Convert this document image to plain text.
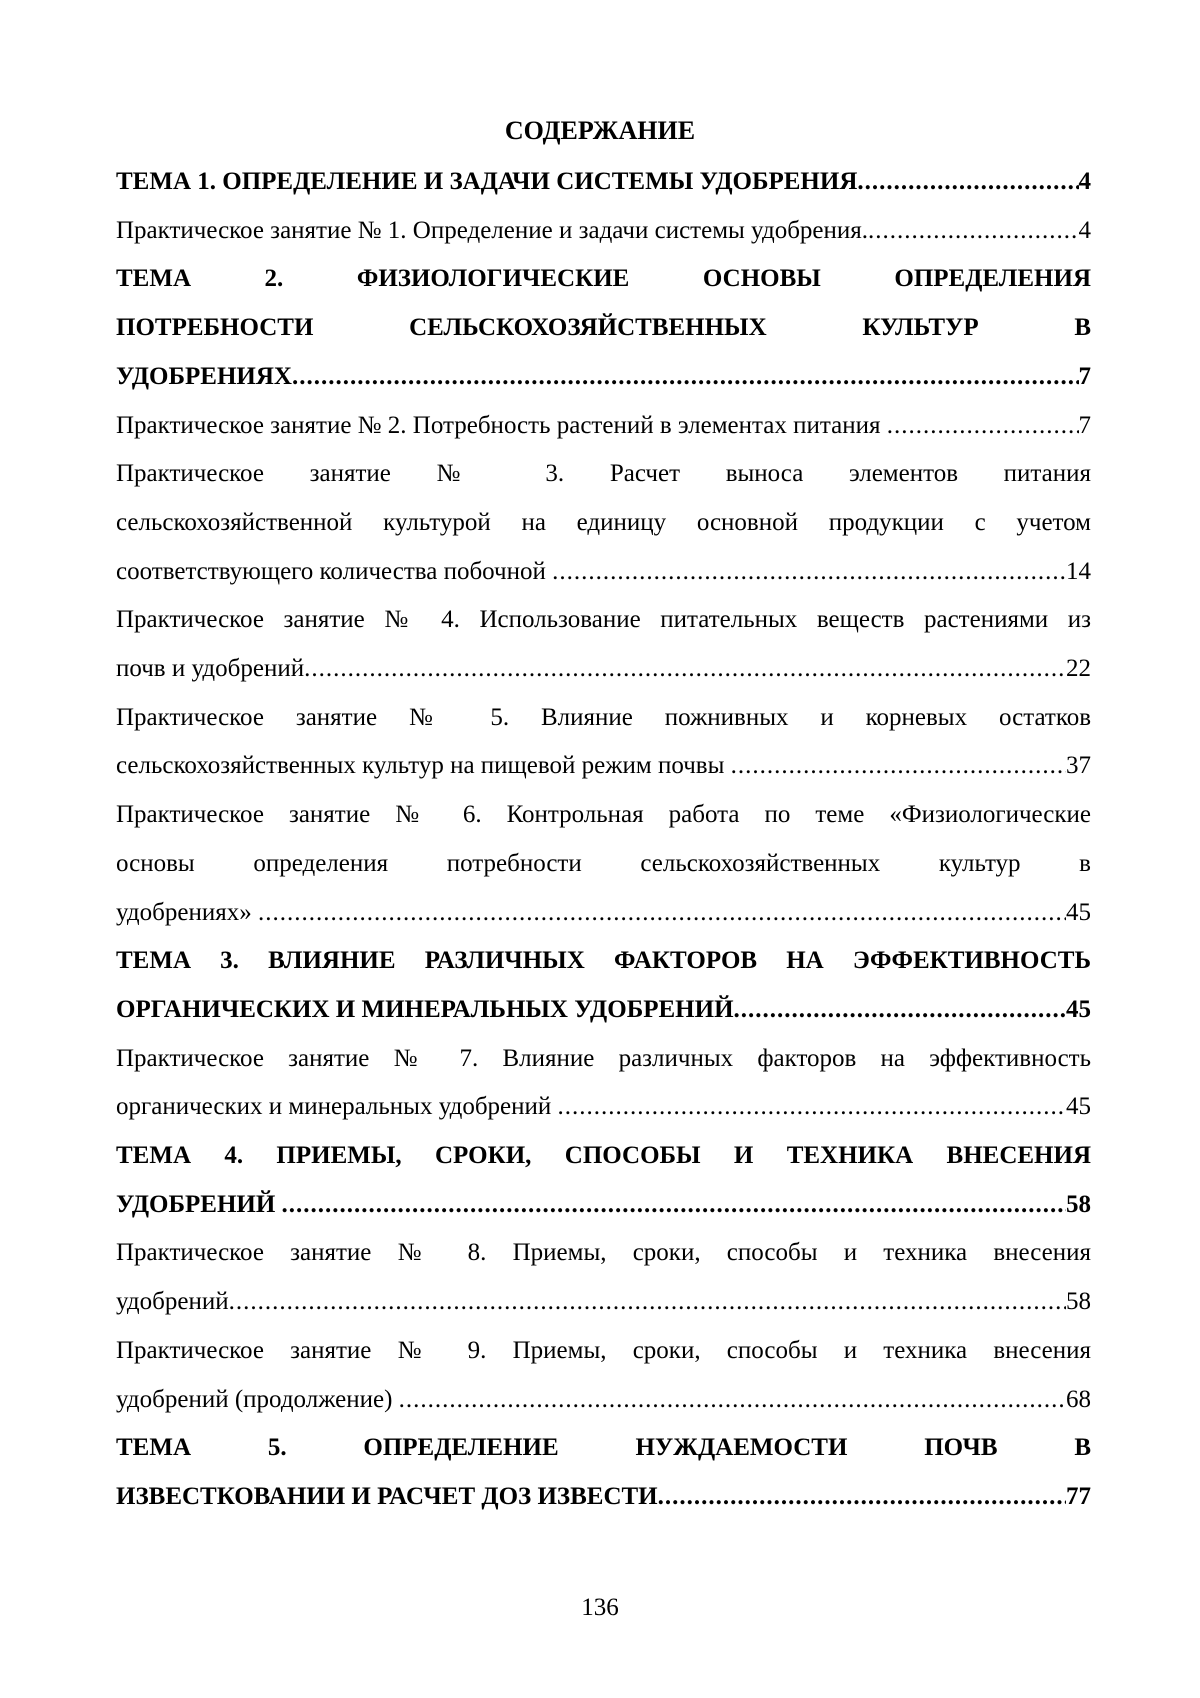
СОДЕРЖАНИЕ
ТЕМА 1. ОПРЕДЕЛЕНИЕ И ЗАДАЧИ СИСТЕМЫ УДОБРЕНИЯ .....	4
Практическое занятие № 1. Определение и задачи системы удобрения. .....	4
ТЕМА 2. ФИЗИОЛОГИЧЕСКИЕ ОСНОВЫ ОПРЕДЕЛЕНИЯ
ПОТРЕБНОСТИ СЕЛЬСКОХОЗЯЙСТВЕННЫХ КУЛЬТУР В
УДОБРЕНИЯХ .....	7
Практическое занятие № 2. Потребность растений в элементах питания .....	7
Практическое занятие № 3. Расчет выноса элементов питания
сельскохозяйственной культурой на единицу основной продукции с учетом
соответствующего количества побочной .....	14
Практическое занятие № 4. Использование питательных веществ растениями из
почв и удобрений .....	22
Практическое занятие № 5. Влияние пожнивных и корневых остатков
сельскохозяйственных культур на пищевой режим почвы .....	37
Практическое занятие № 6. Контрольная работа по теме «Физиологические
основы определения потребности сельскохозяйственных культур в
удобрениях» .....	45
ТЕМА 3. ВЛИЯНИЕ РАЗЛИЧНЫХ ФАКТОРОВ НА ЭФФЕКТИВНОСТЬ
ОРГАНИЧЕСКИХ И МИНЕРАЛЬНЫХ УДОБРЕНИЙ .....	45
Практическое занятие № 7. Влияние различных факторов на эффективность
органических и минеральных удобрений .....	45
ТЕМА 4. ПРИЕМЫ, СРОКИ, СПОСОБЫ И ТЕХНИКА ВНЕСЕНИЯ
УДОБРЕНИЙ .....	58
Практическое занятие № 8. Приемы, сроки, способы и техника внесения
удобрений .....	58
Практическое занятие № 9. Приемы, сроки, способы и техника внесения
удобрений (продолжение) .....	68
ТЕМА 5. ОПРЕДЕЛЕНИЕ НУЖДАЕМОСТИ ПОЧВ В
ИЗВЕСТКОВАНИИ И РАСЧЕТ ДОЗ ИЗВЕСТИ .....	77
136
